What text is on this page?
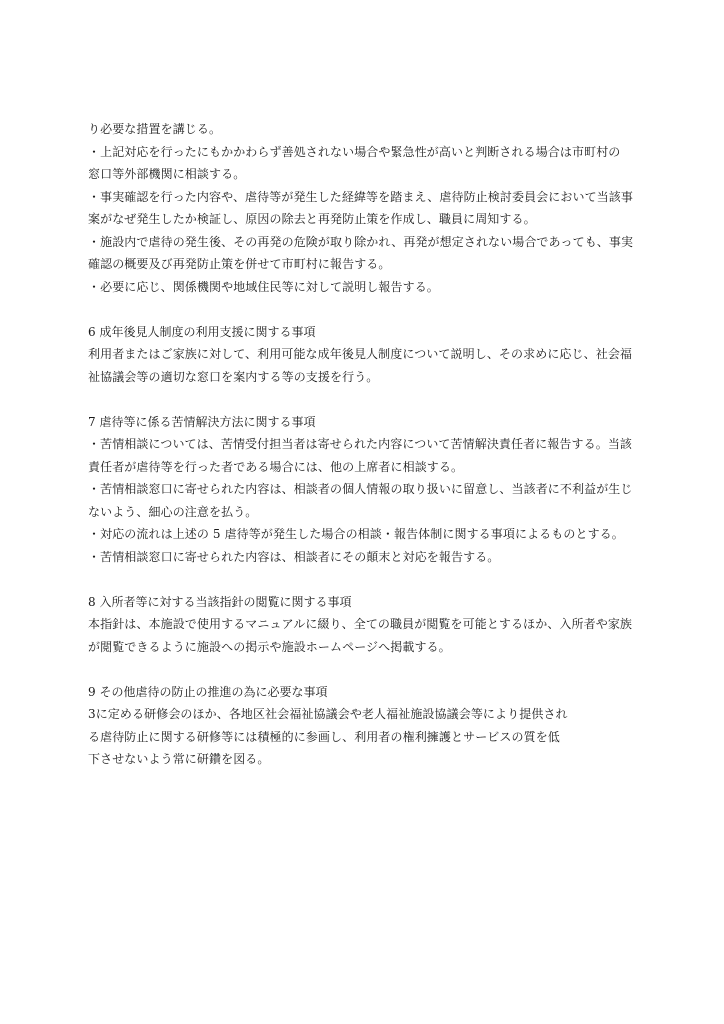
り必要な措置を講じる。
・上記対応を行ったにもかかわらず善処されない場合や緊急性が高いと判断される場合は市町村の
窓口等外部機関に相談する。
・事実確認を行った内容や、虐待等が発生した経緯等を踏まえ、虐待防止検討委員会において当該事
案がなぜ発生したか検証し、原因の除去と再発防止策を作成し、職員に周知する。
・施設内で虐待の発生後、その再発の危険が取り除かれ、再発が想定されない場合であっても、事実
確認の概要及び再発防止策を併せて市町村に報告する。
・必要に応じ、関係機関や地域住民等に対して説明し報告する。
6 成年後見人制度の利用支援に関する事項
利用者またはご家族に対して、利用可能な成年後見人制度について説明し、その求めに応じ、社会福
祉協議会等の適切な窓口を案内する等の支援を行う。
7 虐待等に係る苦情解決方法に関する事項
・苦情相談については、苦情受付担当者は寄せられた内容について苦情解決責任者に報告する。当該
責任者が虐待等を行った者である場合には、他の上席者に相談する。
・苦情相談窓口に寄せられた内容は、相談者の個人情報の取り扱いに留意し、当該者に不利益が生じ
ないよう、細心の注意を払う。
・対応の流れは上述の 5 虐待等が発生した場合の相談・報告体制に関する事項によるものとする。
・苦情相談窓口に寄せられた内容は、相談者にその顛末と対応を報告する。
8 入所者等に対する当該指針の閲覧に関する事項
本指針は、本施設で使用するマニュアルに綴り、全ての職員が閲覧を可能とするほか、入所者や家族
が閲覧できるように施設への掲示や施設ホームページへ掲載する。
9 その他虐待の防止の推進の為に必要な事項
3に定める研修会のほか、各地区社会福祉協議会や老人福祉施設協議会等により提供され
る虐待防止に関する研修等には積極的に参画し、利用者の権利擁護とサービスの質を低
下させないよう常に研鑽を図る。
